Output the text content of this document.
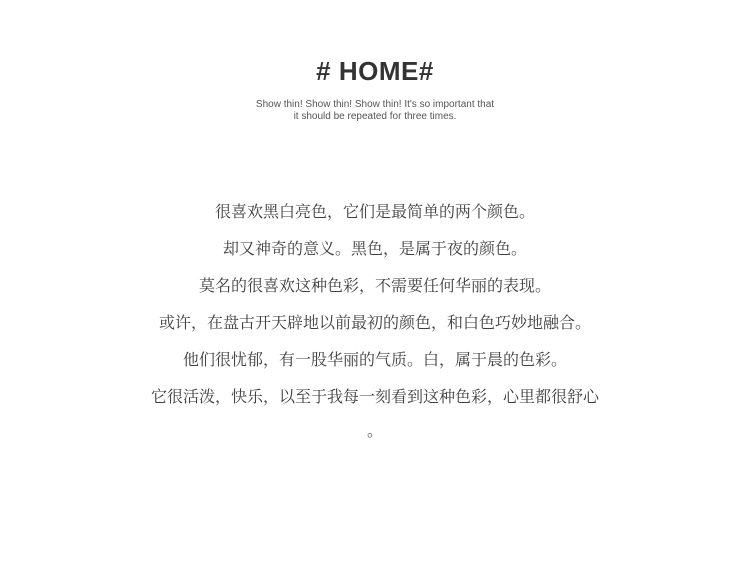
# HOME#
Show thin! Show thin! Show thin! It's so important that
it should be repeated for three times.

很喜欢黑白亮色，它们是最简单的两个颜色。

却又神奇的意义。黑色，是属于夜的颜色。

莫名的很喜欢这种色彩，不需要任何华丽的表现。

或许，在盘古开天辟地以前最初的颜色，和白色巧妙地融合。

他们很忧郁，有一股华丽的气质。白，属于晨的色彩。

它很活泼，快乐，以至于我每一刻看到这种色彩，心里都很舒心

。
